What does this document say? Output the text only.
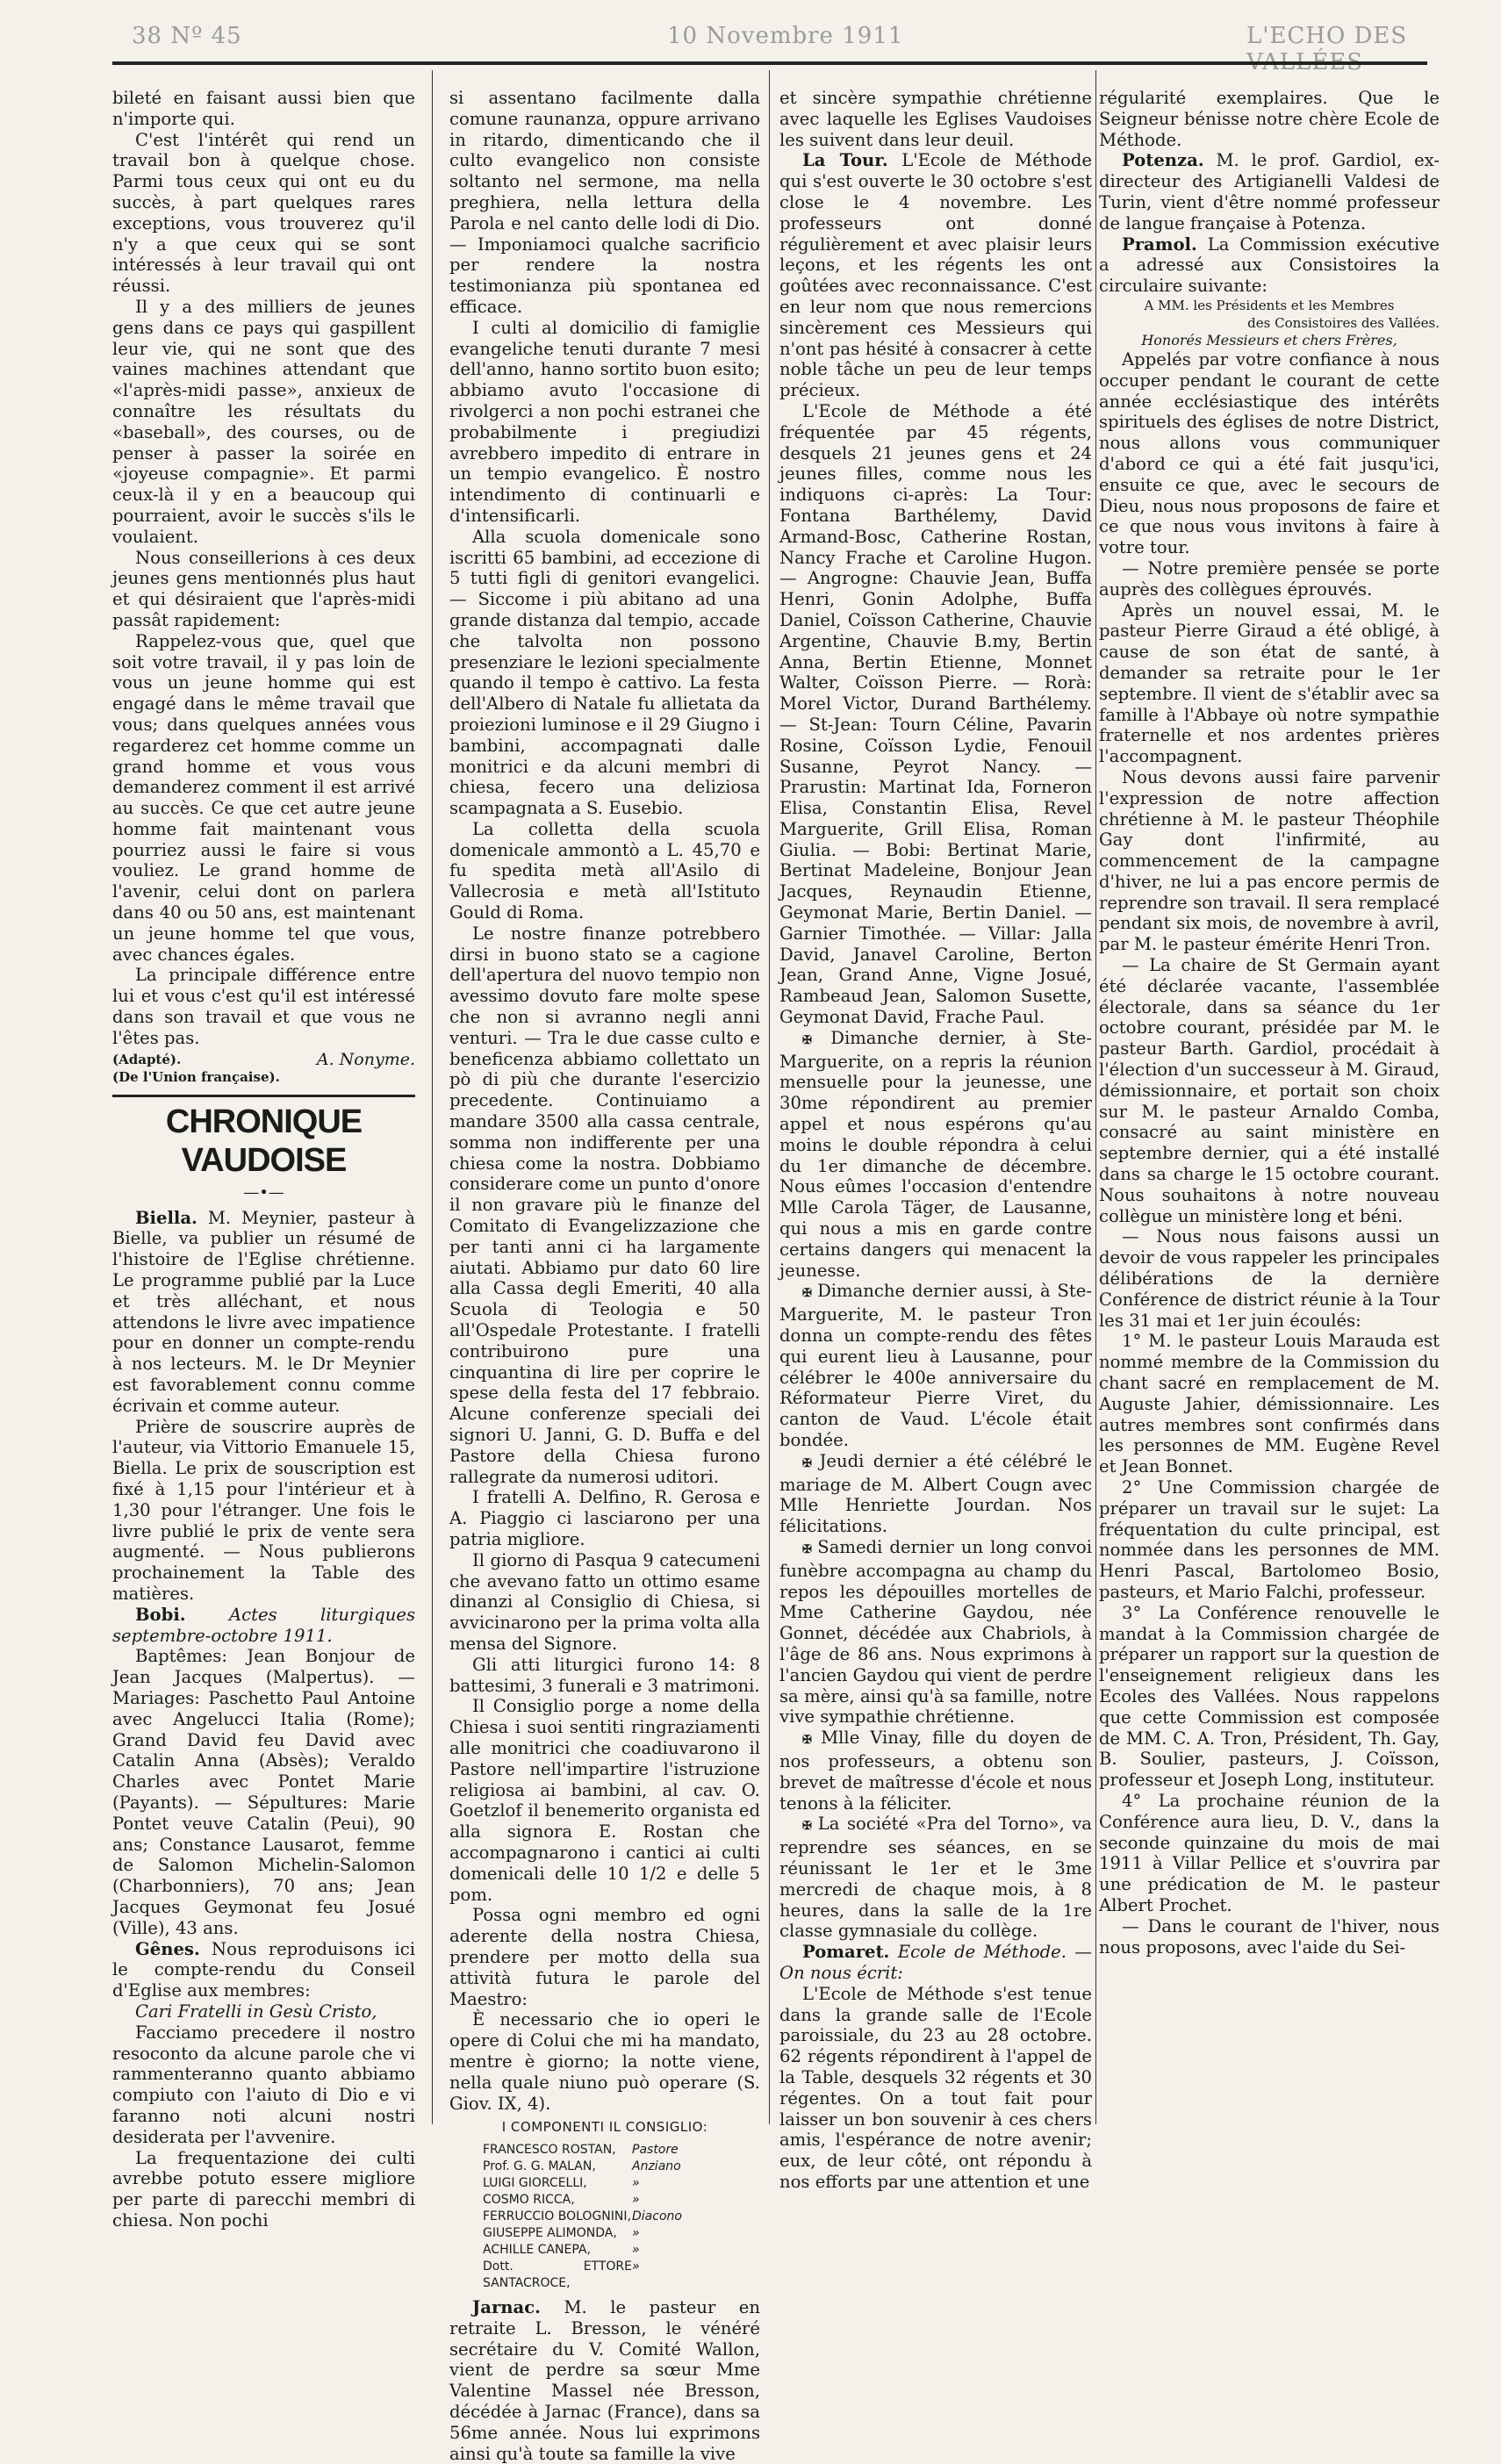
38 Nº 45	10 Novembre 1911	L'ECHO DES VALLÉES

bileté en faisant aussi bien que n'importe qui.

C'est l'intérêt qui rend un travail bon à quelque chose. Parmi tous ceux qui ont eu du succès, à part quelques rares exceptions, vous trouverez qu'il n'y a que ceux qui se sont intéressés à leur travail qui ont réussi.

Il y a des milliers de jeunes gens dans ce pays qui gaspillent leur vie, qui ne sont que des vaines machines attendant que «l'après-midi passe», anxieux de connaître les résultats du «baseball», des courses, ou de penser à passer la soirée en «joyeuse compagnie». Et parmi ceux-là il y en a beaucoup qui pourraient, avoir le succès s'ils le voulaient.

Nous conseillerions à ces deux jeunes gens mentionnés plus haut et qui désiraient que l'après-midi passât rapidement:

Rappelez-vous que, quel que soit votre travail, il y pas loin de vous un jeune homme qui est engagé dans le même travail que vous; dans quelques années vous regarderez cet homme comme un grand homme et vous vous demanderez comment il est arrivé au succès. Ce que cet autre jeune homme fait maintenant vous pourriez aussi le faire si vous vouliez. Le grand homme de l'avenir, celui dont on parlera dans 40 ou 50 ans, est maintenant un jeune homme tel que vous, avec chances égales.

La principale différence entre lui et vous c'est qu'il est intéressé dans son travail et que vous ne l'êtes pas.

(Adapté).	A. Nonyme.
(De l'Union française).
CHRONIQUE VAUDOISE
—•—

Biella. M. Meynier, pasteur à Bielle, va publier un résumé de l'histoire de l'Eglise chrétienne. Le programme publié par la Luce et très alléchant, et nous attendons le livre avec impatience pour en donner un compte-rendu à nos lecteurs. M. le Dr Meynier est favorablement connu comme écrivain et comme auteur.

Prière de souscrire auprès de l'auteur, via Vittorio Emanuele 15, Biella. Le prix de souscription est fixé à 1,15 pour l'intérieur et à 1,30 pour l'étranger. Une fois le livre publié le prix de vente sera augmenté. — Nous publierons prochainement la Table des matières.

Bobi. Actes liturgiques septembre-octobre 1911.

Baptêmes: Jean Bonjour de Jean Jacques (Malpertus). — Mariages: Paschetto Paul Antoine avec Angelucci Italia (Rome); Grand David feu David avec Catalin Anna (Absès); Veraldo Charles avec Pontet Marie (Payants). — Sépultures: Marie Pontet veuve Catalin (Peui), 90 ans; Constance Lausarot, femme de Salomon Michelin-Salomon (Charbonniers), 70 ans; Jean Jacques Geymonat feu Josué (Ville), 43 ans.

Gênes. Nous reproduisons ici le compte-rendu du Conseil d'Eglise aux membres:

Cari Fratelli in Gesù Cristo,

Facciamo precedere il nostro resoconto da alcune parole che vi rammenteranno quanto abbiamo compiuto con l'aiuto di Dio e vi faranno noti alcuni nostri desiderata per l'avvenire.

La frequentazione dei culti avrebbe potuto essere migliore per parte di parecchi membri di chiesa. Non pochi

si assentano facilmente dalla comune raunanza, oppure arrivano in ritardo, dimenticando che il culto evangelico non consiste soltanto nel sermone, ma nella preghiera, nella lettura della Parola e nel canto delle lodi di Dio. — Imponiamoci qualche sacrificio per rendere la nostra testimonianza più spontanea ed efficace.

I culti al domicilio di famiglie evangeliche tenuti durante 7 mesi dell'anno, hanno sortito buon esito; abbiamo avuto l'occasione di rivolgerci a non pochi estranei che probabilmente i pregiudizi avrebbero impedito di entrare in un tempio evangelico. È nostro intendimento di continuarli e d'intensificarli.

Alla scuola domenicale sono iscritti 65 bambini, ad eccezione di 5 tutti figli di genitori evangelici. — Siccome i più abitano ad una grande distanza dal tempio, accade che talvolta non possono presenziare le lezioni specialmente quando il tempo è cattivo. La festa dell'Albero di Natale fu allietata da proiezioni luminose e il 29 Giugno i bambini, accompagnati dalle monitrici e da alcuni membri di chiesa, fecero una deliziosa scampagnata a S. Eusebio.

La colletta della scuola domenicale ammontò a L. 45,70 e fu spedita metà all'Asilo di Vallecrosia e metà all'Istituto Gould di Roma.

Le nostre finanze potrebbero dirsi in buono stato se a cagione dell'apertura del nuovo tempio non avessimo dovuto fare molte spese che non si avranno negli anni venturi. — Tra le due casse culto e beneficenza abbiamo collettato un pò di più che durante l'esercizio precedente. Continuiamo a mandare 3500 alla cassa centrale, somma non indifferente per una chiesa come la nostra. Dobbiamo considerare come un punto d'onore il non gravare più le finanze del Comitato di Evangelizzazione che per tanti anni ci ha largamente aiutati. Abbiamo pur dato 60 lire alla Cassa degli Emeriti, 40 alla Scuola di Teologia e 50 all'Ospedale Protestante. I fratelli contribuirono pure una cinquantina di lire per coprire le spese della festa del 17 febbraio. Alcune conferenze speciali dei signori U. Janni, G. D. Buffa e del Pastore della Chiesa furono rallegrate da numerosi uditori.

I fratelli A. Delfino, R. Gerosa e A. Piaggio ci lasciarono per una patria migliore.

Il giorno di Pasqua 9 catecumeni che avevano fatto un ottimo esame dinanzi al Consiglio di Chiesa, si avvicinarono per la prima volta alla mensa del Signore.

Gli atti liturgici furono 14: 8 battesimi, 3 funerali e 3 matrimoni.

Il Consiglio porge a nome della Chiesa i suoi sentiti ringraziamenti alle monitrici che coadiuvarono il Pastore nell'impartire l'istruzione religiosa ai bambini, al cav. O. Goetzlof il benemerito organista ed alla signora E. Rostan che accompagnarono i cantici ai culti domenicali delle 10 1/2 e delle 5 pom.

Possa ogni membro ed ogni aderente della nostra Chiesa, prendere per motto della sua attività futura le parole del Maestro:

È necessario che io operi le opere di Colui che mi ha mandato, mentre è giorno; la notte viene, nella quale niuno può operare (S. Giov. IX, 4).

I COMPONENTI IL CONSIGLIO:
FRANCESCO ROSTAN,	Pastore
Prof. G. G. MALAN,	Anziano
LUIGI GIORCELLI,	»
COSMO RICCA,	»
FERRUCCIO BOLOGNINI, Diacono
GIUSEPPE ALIMONDA,	»
ACHILLE CANEPA,	»
Dott. ETTORE SANTACROCE,
»

Jarnac. M. le pasteur en retraite L. Bresson, le vénéré secrétaire du V. Comité Wallon, vient de perdre sa sœur Mme Valentine Massel née Bresson, décédée à Jarnac (France), dans sa 56me année. Nous lui exprimons ainsi qu'à toute sa famille la vive

et sincère sympathie chrétienne avec laquelle les Eglises Vaudoises les suivent dans leur deuil.

La Tour. L'Ecole de Méthode qui s'est ouverte le 30 octobre s'est close le 4 novembre. Les professeurs ont donné régulièrement et avec plaisir leurs leçons, et les régents les ont goûtées avec reconnaissance. C'est en leur nom que nous remercions sincèrement ces Messieurs qui n'ont pas hésité à consacrer à cette noble tâche un peu de leur temps précieux.

L'Ecole de Méthode a été fréquentée par 45 régents, desquels 21 jeunes gens et 24 jeunes filles, comme nous les indiquons ci-après: La Tour: Fontana Barthélemy, David Armand-Bosc, Catherine Rostan, Nancy Frache et Caroline Hugon. — Angrogne: Chauvie Jean, Buffa Henri, Gonin Adolphe, Buffa Daniel, Coïsson Catherine, Chauvie Argentine, Chauvie B.my, Bertin Anna, Bertin Etienne, Monnet Walter, Coïsson Pierre. — Rorà: Morel Victor, Durand Barthélemy. — St-Jean: Tourn Céline, Pavarin Rosine, Coïsson Lydie, Fenouil Susanne, Peyrot Nancy. — Prarustin: Martinat Ida, Forneron Elisa, Constantin Elisa, Revel Marguerite, Grill Elisa, Roman Giulia. — Bobi: Bertinat Marie, Bertinat Madeleine, Bonjour Jean Jacques, Reynaudin Etienne, Geymonat Marie, Bertin Daniel. — Garnier Timothée. — Villar: Jalla David, Janavel Caroline, Berton Jean, Grand Anne, Vigne Josué, Rambeaud Jean, Salomon Susette, Geymonat David, Frache Paul.

✠ Dimanche dernier, à Ste-Marguerite, on a repris la réunion mensuelle pour la jeunesse, une 30me répondirent au premier appel et nous espérons qu'au moins le double répondra à celui du 1er dimanche de décembre. Nous eûmes l'occasion d'entendre Mlle Carola Täger, de Lausanne, qui nous a mis en garde contre certains dangers qui menacent la jeunesse.

✠ Dimanche dernier aussi, à Ste-Marguerite, M. le pasteur Tron donna un compte-rendu des fêtes qui eurent lieu à Lausanne, pour célébrer le 400e anniversaire du Réformateur Pierre Viret, du canton de Vaud. L'école était bondée.

✠ Jeudi dernier a été célébré le mariage de M. Albert Cougn avec Mlle Henriette Jourdan. Nos félicitations.

✠ Samedi dernier un long convoi funèbre accompagna au champ du repos les dépouilles mortelles de Mme Catherine Gaydou, née Gonnet, décédée aux Chabriols, à l'âge de 86 ans. Nous exprimons à l'ancien Gaydou qui vient de perdre sa mère, ainsi qu'à sa famille, notre vive sympathie chrétienne.

✠ Mlle Vinay, fille du doyen de nos professeurs, a obtenu son brevet de maîtresse d'école et nous tenons à la féliciter.

✠ La société «Pra del Torno», va reprendre ses séances, en se réunissant le 1er et le 3me mercredi de chaque mois, à 8 heures, dans la salle de la 1re classe gymnasiale du collège.

Pomaret. Ecole de Méthode. — On nous écrit:

L'Ecole de Méthode s'est tenue dans la grande salle de l'Ecole paroissiale, du 23 au 28 octobre. 62 régents répondirent à l'appel de la Table, desquels 32 régents et 30 régentes. On a tout fait pour laisser un bon souvenir à ces chers amis, l'espérance de notre avenir; eux, de leur côté, ont répondu à nos efforts par une attention et une

régularité exemplaires. Que le Seigneur bénisse notre chère Ecole de Méthode.

Potenza. M. le prof. Gardiol, ex-directeur des Artigianelli Valdesi de Turin, vient d'être nommé professeur de langue française à Potenza.

Pramol. La Commission exécutive a adressé aux Consistoires la circulaire suivante:

A MM. les Présidents et les Membres
des Consistoires des Vallées.
Honorés Messieurs et chers Frères,

Appelés par votre confiance à nous occuper pendant le courant de cette année ecclésiastique des intérêts spirituels des églises de notre District, nous allons vous communiquer d'abord ce qui a été fait jusqu'ici, ensuite ce que, avec le secours de Dieu, nous nous proposons de faire et ce que nous vous invitons à faire à votre tour.

— Notre première pensée se porte auprès des collègues éprouvés.

Après un nouvel essai, M. le pasteur Pierre Giraud a été obligé, à cause de son état de santé, à demander sa retraite pour le 1er septembre. Il vient de s'établir avec sa famille à l'Abbaye où notre sympathie fraternelle et nos ardentes prières l'accompagnent.

Nous devons aussi faire parvenir l'expression de notre affection chrétienne à M. le pasteur Théophile Gay dont l'infirmité, au commencement de la campagne d'hiver, ne lui a pas encore permis de reprendre son travail. Il sera remplacé pendant six mois, de novembre à avril, par M. le pasteur émérite Henri Tron.

— La chaire de St Germain ayant été déclarée vacante, l'assemblée électorale, dans sa séance du 1er octobre courant, présidée par M. le pasteur Barth. Gardiol, procédait à l'élection d'un successeur à M. Giraud, démissionnaire, et portait son choix sur M. le pasteur Arnaldo Comba, consacré au saint ministère en septembre dernier, qui a été installé dans sa charge le 15 octobre courant. Nous souhaitons à notre nouveau collègue un ministère long et béni.

— Nous nous faisons aussi un devoir de vous rappeler les principales délibérations de la dernière Conférence de district réunie à la Tour les 31 mai et 1er juin écoulés:

1° M. le pasteur Louis Marauda est nommé membre de la Commission du chant sacré en remplacement de M. Auguste Jahier, démissionnaire. Les autres membres sont confirmés dans les personnes de MM. Eugène Revel et Jean Bonnet.

2° Une Commission chargée de préparer un travail sur le sujet: La fréquentation du culte principal, est nommée dans les personnes de MM. Henri Pascal, Bartolomeo Bosio, pasteurs, et Mario Falchi, professeur.

3° La Conférence renouvelle le mandat à la Commission chargée de préparer un rapport sur la question de l'enseignement religieux dans les Ecoles des Vallées. Nous rappelons que cette Commission est composée de MM. C. A. Tron, Président, Th. Gay, B. Soulier, pasteurs, J. Coïsson, professeur et Joseph Long, instituteur.

4° La prochaine réunion de la Conférence aura lieu, D. V., dans la seconde quinzaine du mois de mai 1911 à Villar Pellice et s'ouvrira par une prédication de M. le pasteur Albert Prochet.

— Dans le courant de l'hiver, nous nous proposons, avec l'aide du Sei-
